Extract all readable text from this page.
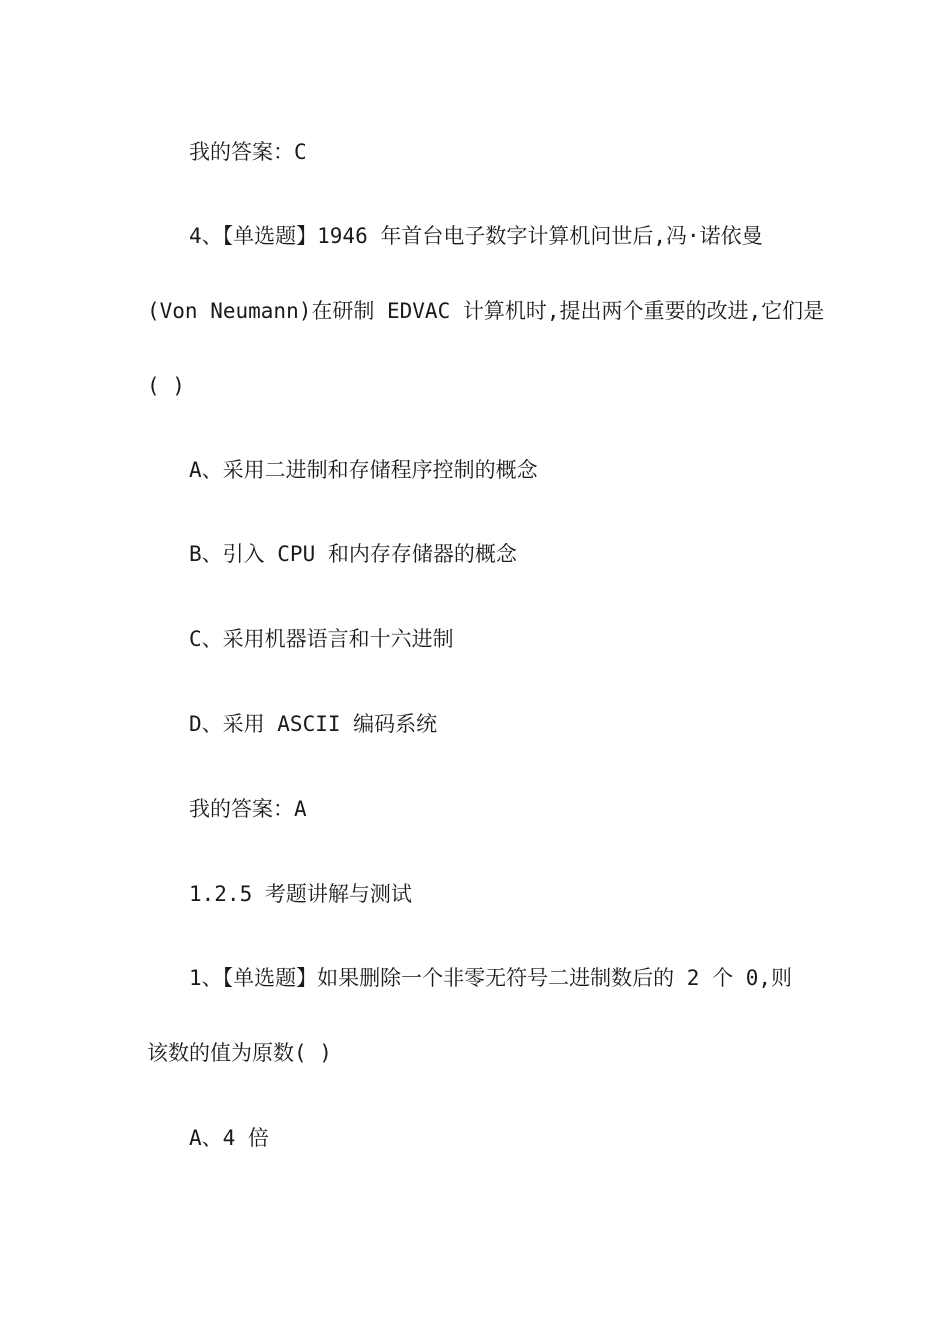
我的答案：C
4、【单选题】1946 年首台电子数字计算机问世后,冯·诺依曼
(Von Neumann)在研制 EDVAC 计算机时,提出两个重要的改进,它们是
( )
A、采用二进制和存储程序控制的概念
B、引入 CPU 和内存存储器的概念
C、采用机器语言和十六进制
D、采用 ASCII 编码系统
我的答案：A
1.2.5 考题讲解与测试
1、【单选题】如果删除一个非零无符号二进制数后的 2 个 0,则
该数的值为原数( )
A、4 倍
